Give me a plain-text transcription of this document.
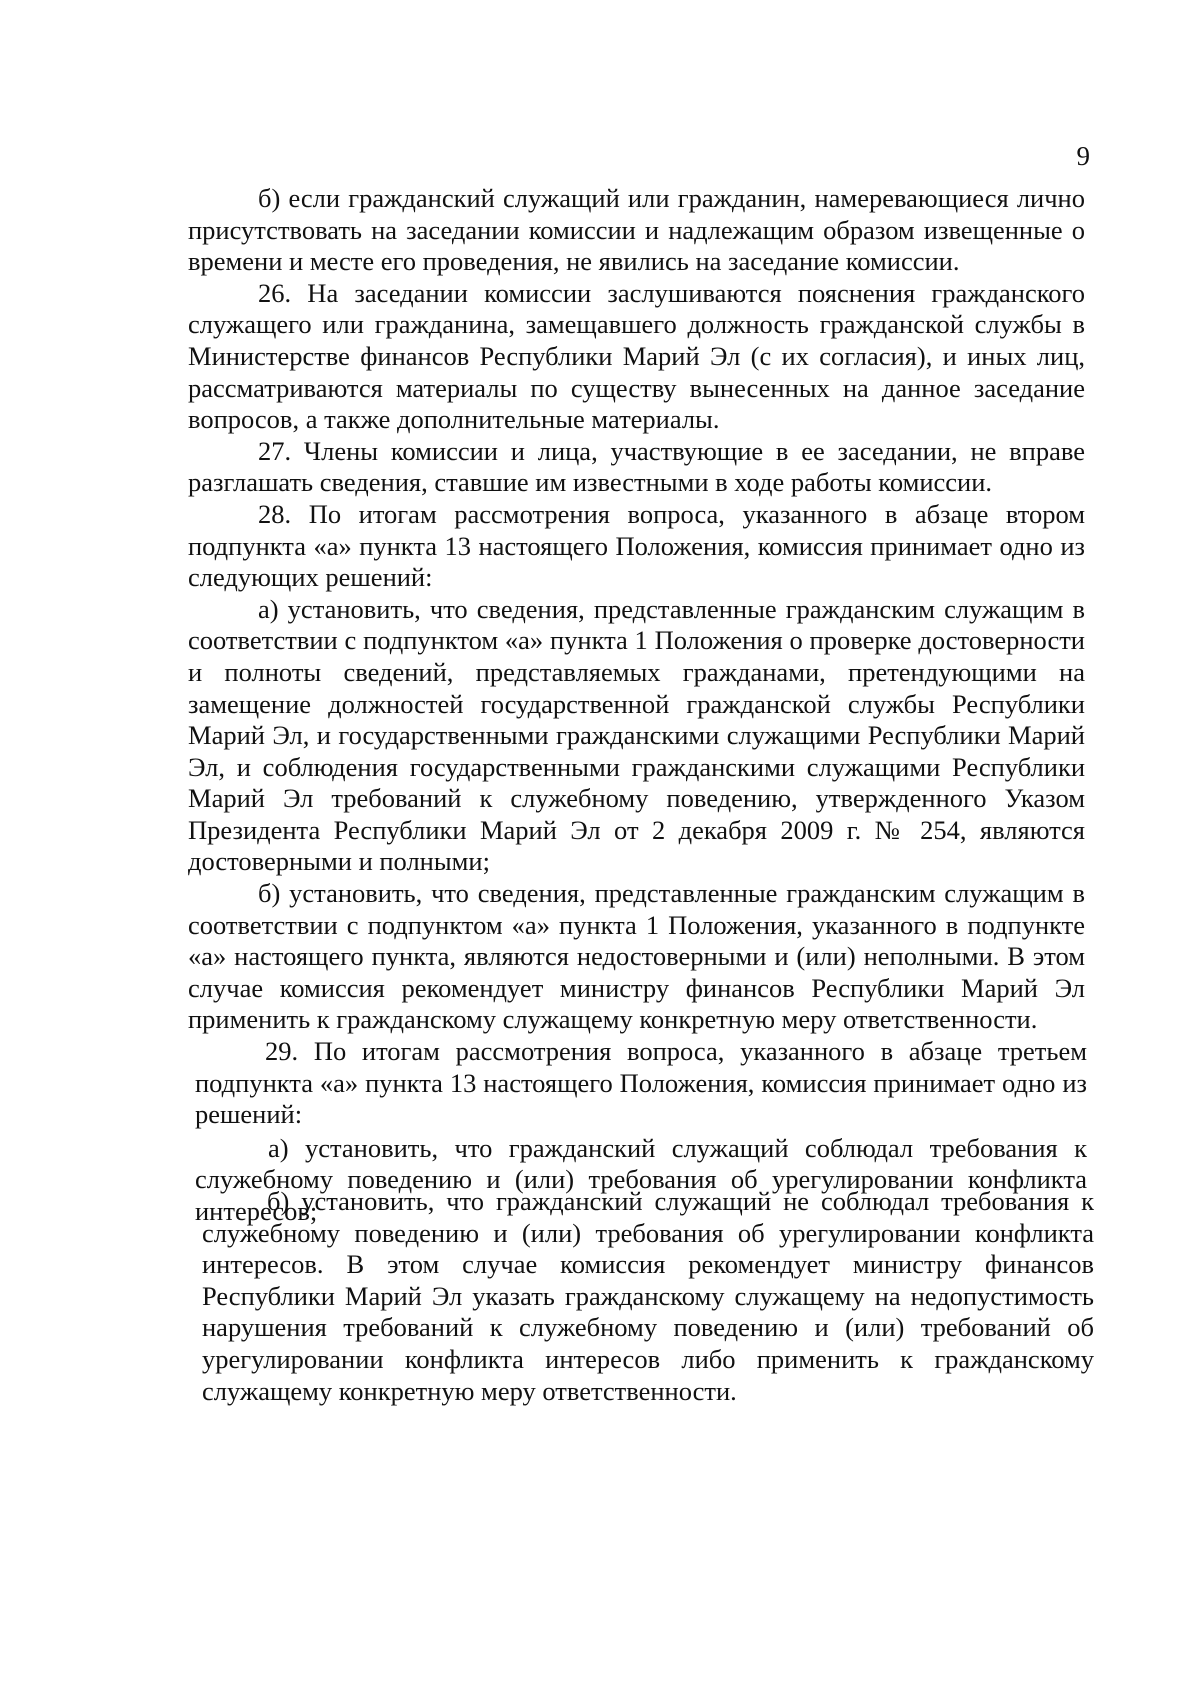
9

б) если гражданский служащий или гражданин, намеревающиеся лично присутствовать на заседании комиссии и надлежащим образом извещенные о времени и месте его проведения, не явились на заседание комиссии.

26. На заседании комиссии заслушиваются пояснения гражданского служащего или гражданина, замещавшего должность гражданской службы в Министерстве финансов Республики Марий Эл (с их согласия), и иных лиц, рассматриваются материалы по существу вынесенных на данное заседание вопросов, а также дополнительные материалы.

27. Члены комиссии и лица, участвующие в ее заседании, не вправе разглашать сведения, ставшие им известными в ходе работы комиссии.

28. По итогам рассмотрения вопроса, указанного в абзаце втором подпункта «а» пункта 13 настоящего Положения, комиссия принимает одно из следующих решений:

а) установить, что сведения, представленные гражданским служащим в соответствии с подпунктом «а» пункта 1 Положения о проверке достоверности и полноты сведений, представляемых гражданами, претендующими на замещение должностей государственной гражданской службы Республики Марий Эл, и государственными гражданскими служащими Республики Марий Эл, и соблюдения государственными гражданскими служащими Республики Марий Эл требований к служебному поведению, утвержденного Указом Президента Республики Марий Эл от 2 декабря 2009 г. № 254, являются достоверными и полными;

б) установить, что сведения, представленные гражданским служащим в соответствии с подпунктом «а» пункта 1 Положения, указанного в подпункте «а» настоящего пункта, являются недостоверными и (или) неполными. В этом случае комиссия рекомендует министру финансов Республики Марий Эл применить к гражданскому служащему конкретную меру ответственности.

29. По итогам рассмотрения вопроса, указанного в абзаце третьем подпункта «а» пункта 13 настоящего Положения, комиссия принимает одно из решений:

а) установить, что гражданский служащий соблюдал требования к служебному поведению и (или) требования об урегулировании конфликта интересов;

б) установить, что гражданский служащий не соблюдал требования к служебному поведению и (или) требования об урегулировании конфликта интересов. В этом случае комиссия рекомендует министру финансов Республики Марий Эл указать гражданскому служащему на недопустимость нарушения требований к служебному поведению и (или) требований об урегулировании конфликта интересов либо применить к гражданскому служащему конкретную меру ответственности.
